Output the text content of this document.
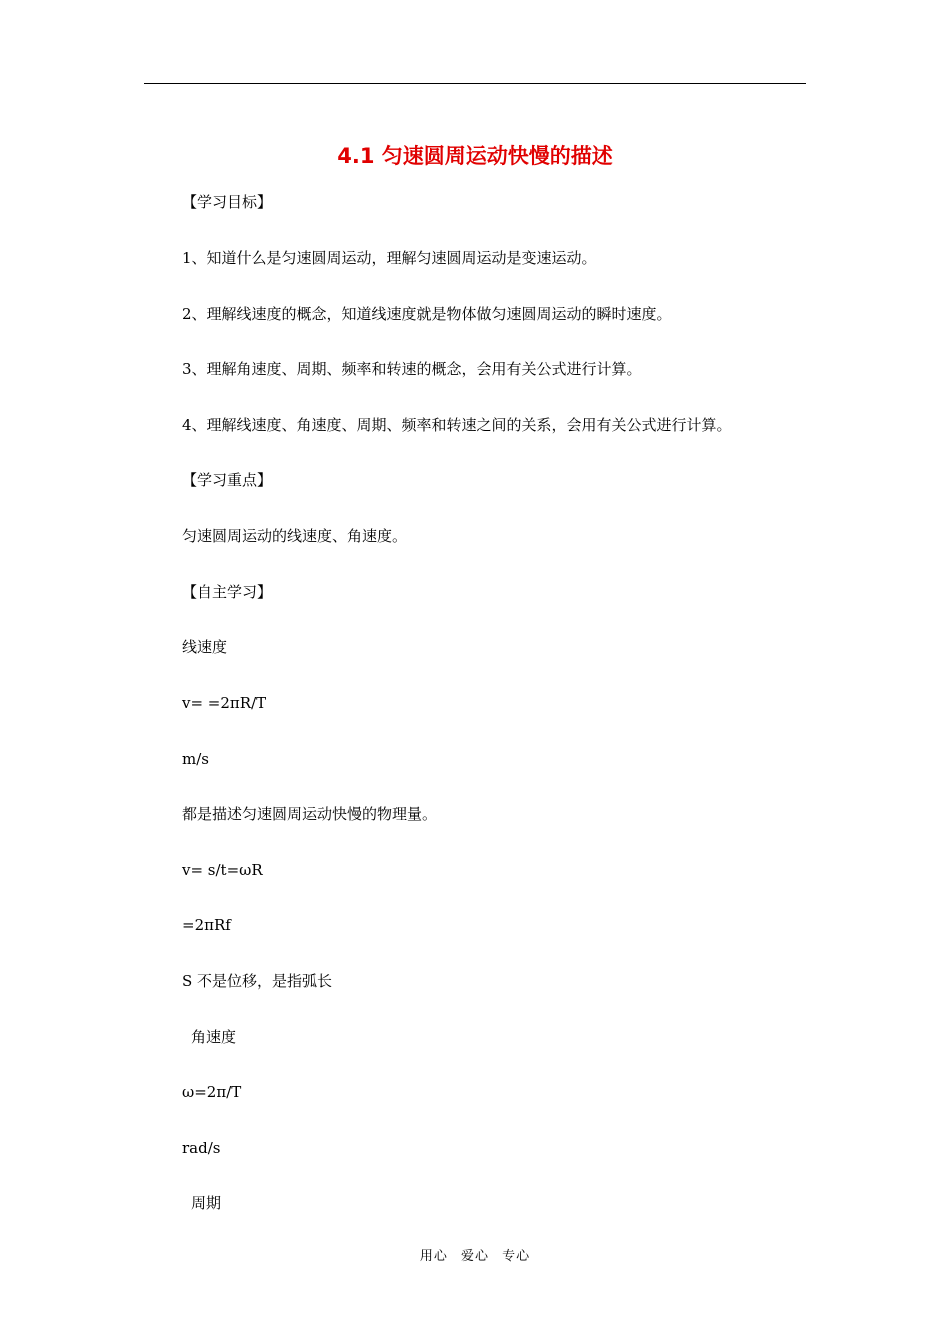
4.1 匀速圆周运动快慢的描述

【学习目标】

1、知道什么是匀速圆周运动，理解匀速圆周运动是变速运动。

2、理解线速度的概念，知道线速度就是物体做匀速圆周运动的瞬时速度。

3、理解角速度、周期、频率和转速的概念，会用有关公式进行计算。

4、理解线速度、角速度、周期、频率和转速之间的关系，会用有关公式进行计算。

【学习重点】

匀速圆周运动的线速度、角速度。

【自主学习】

线速度

v= =2πR/T

m/s

都是描述匀速圆周运动快慢的物理量。

v= s/t=ωR

=2πRf

S 不是位移，是指弧长

角速度

ω=2π/T

rad/s

周期

用心 爱心 专心
